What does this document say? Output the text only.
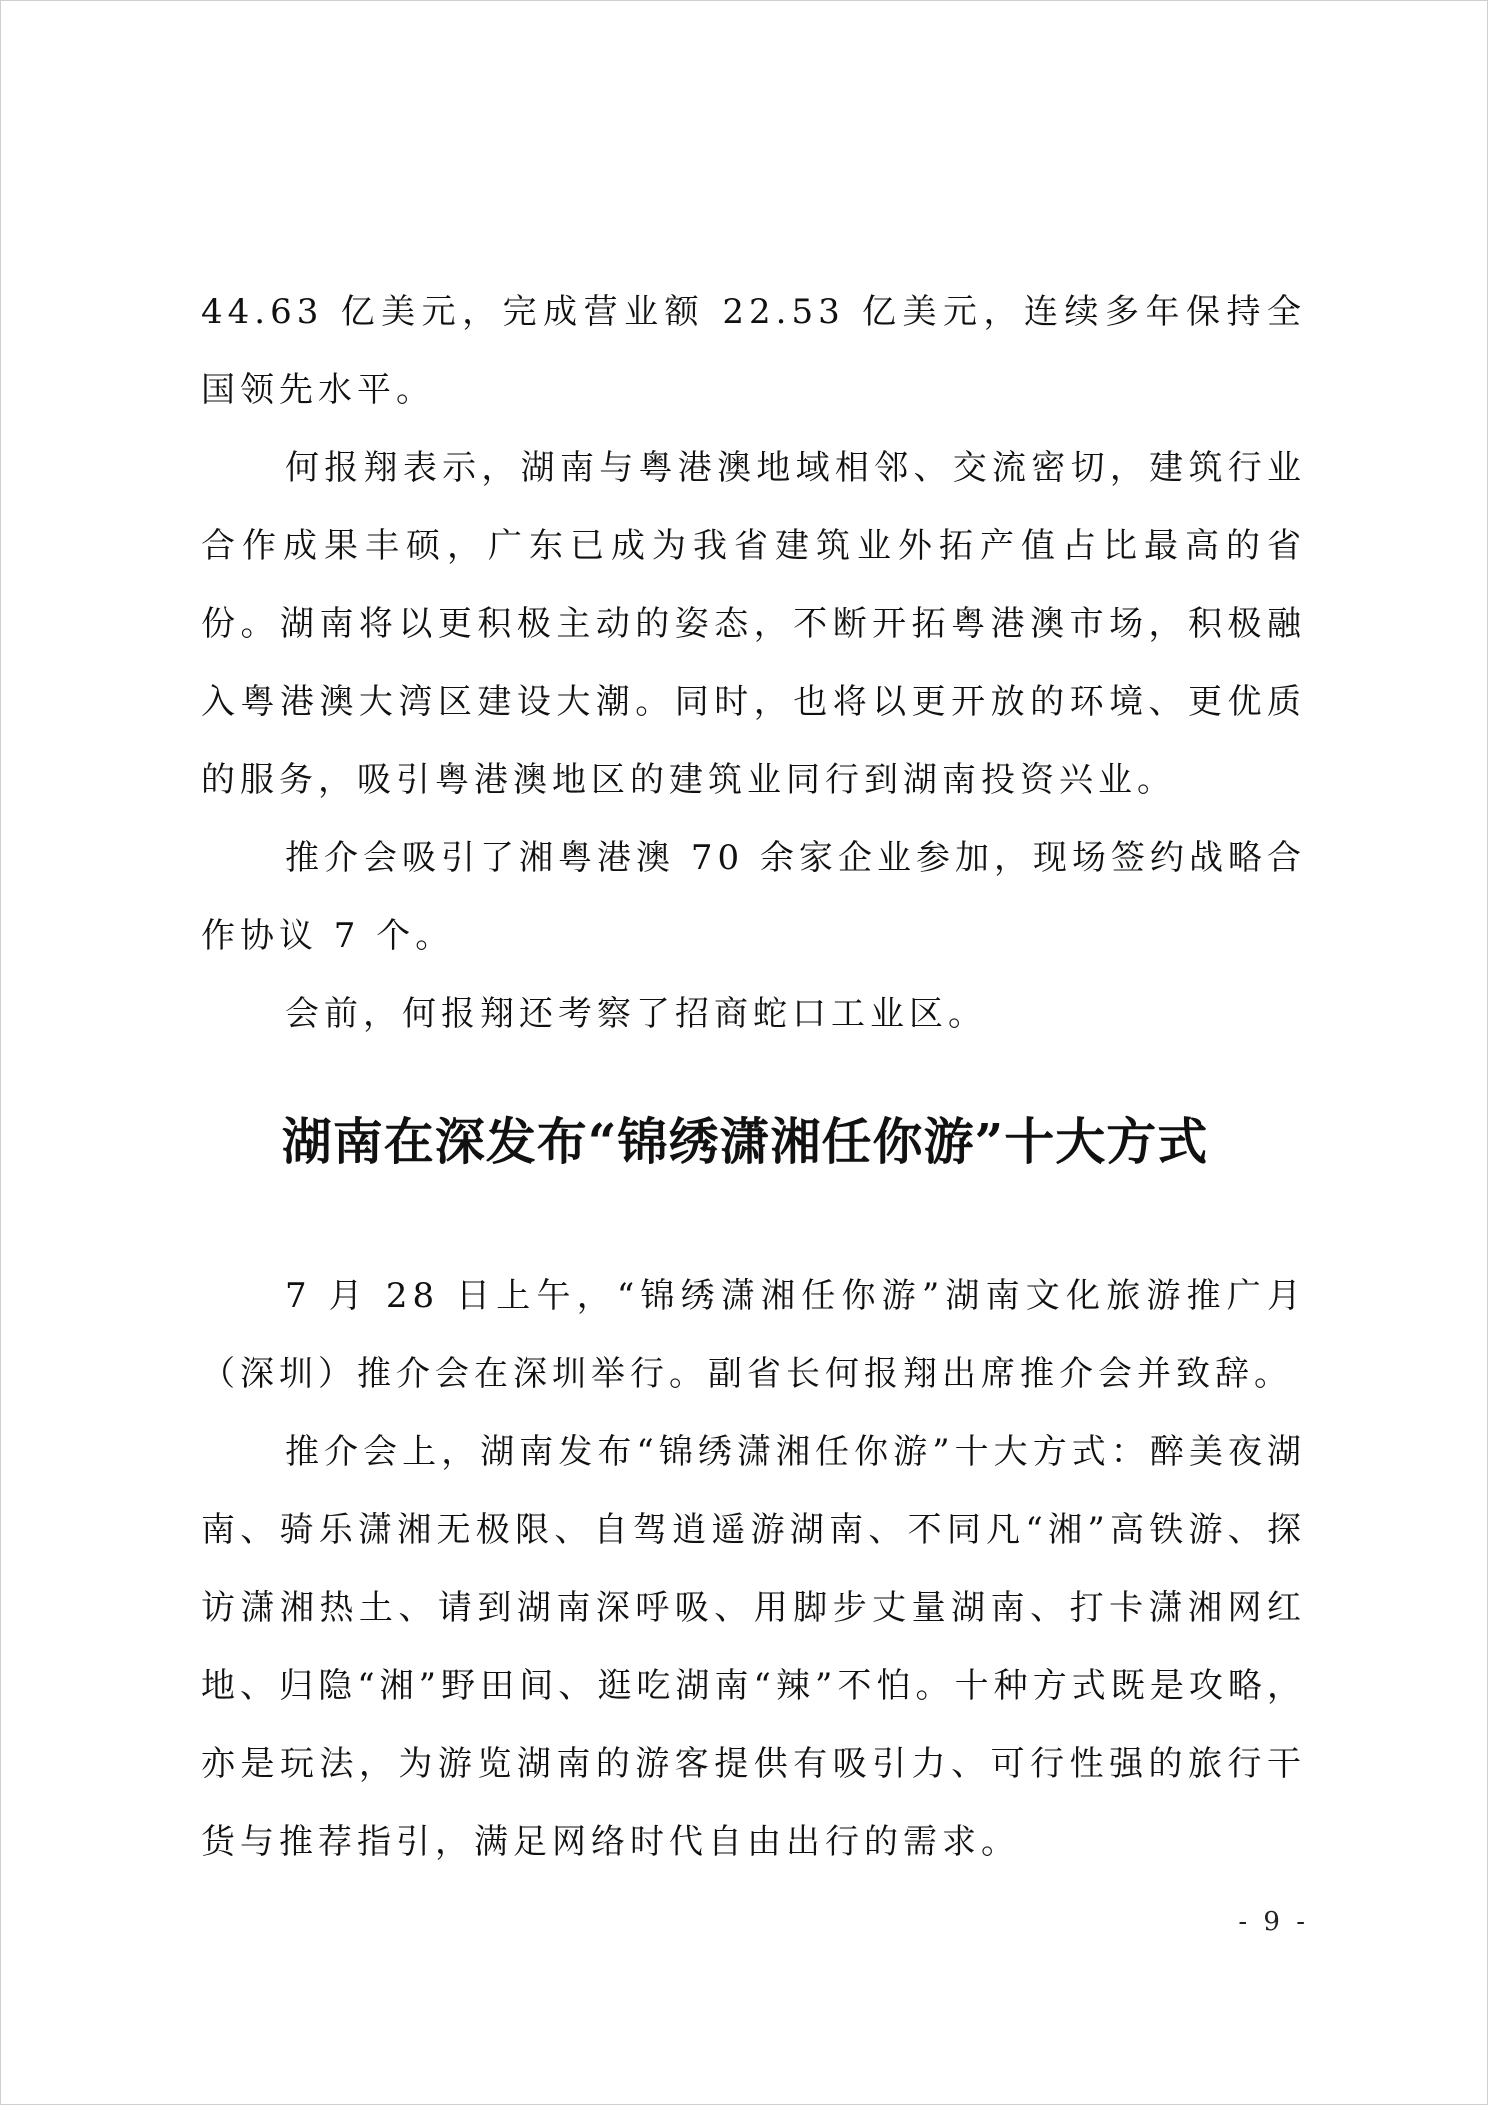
44.63 亿美元，完成营业额 22.53 亿美元，连续多年保持全国领先水平。

何报翔表示，湖南与粤港澳地域相邻、交流密切，建筑行业合作成果丰硕，广东已成为我省建筑业外拓产值占比最高的省份。湖南将以更积极主动的姿态，不断开拓粤港澳市场，积极融入粤港澳大湾区建设大潮。同时，也将以更开放的环境、更优质的服务，吸引粤港澳地区的建筑业同行到湖南投资兴业。

推介会吸引了湘粤港澳 70 余家企业参加，现场签约战略合作协议 7 个。

会前，何报翔还考察了招商蛇口工业区。

湖南在深发布“锦绣潇湘任你游”十大方式

7 月 28 日上午，“锦绣潇湘任你游”湖南文化旅游推广月（深圳）推介会在深圳举行。副省长何报翔出席推介会并致辞。

推介会上，湖南发布“锦绣潇湘任你游”十大方式：醉美夜湖南、骑乐潇湘无极限、自驾逍遥游湖南、不同凡“湘”高铁游、探访潇湘热土、请到湖南深呼吸、用脚步丈量湖南、打卡潇湘网红地、归隐“湘”野田间、逛吃湖南“辣”不怕。十种方式既是攻略，亦是玩法，为游览湖南的游客提供有吸引力、可行性强的旅行干货与推荐指引，满足网络时代自由出行的需求。

- 9 -
